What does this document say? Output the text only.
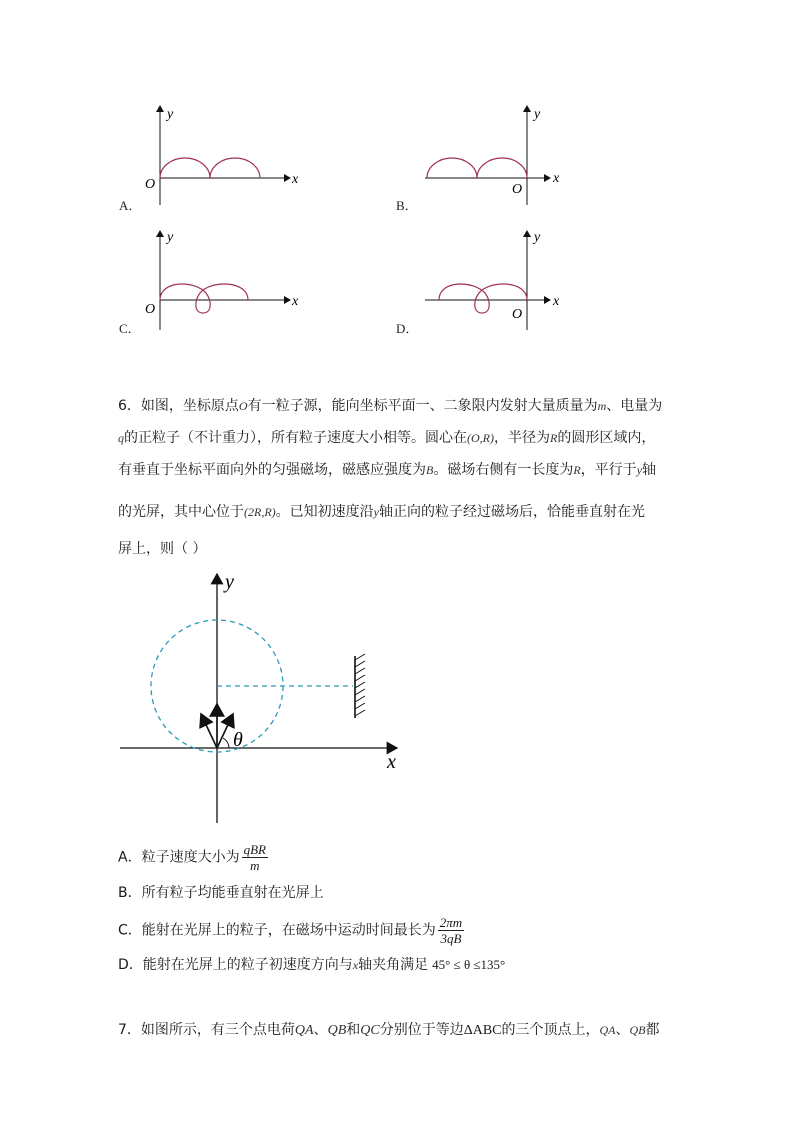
y
O	x
A．
y
O
x
B．
y
O
x
C．
y
O
x
D．
6．如图，坐标原点O有一粒子源，能向坐标平面一、二象限内发射大量质量为m、电量为
q的正粒子（不计重力），所有粒子速度大小相等。圆心在(O,R)，半径为R的圆形区域内，
有垂直于坐标平面向外的匀强磁场，磁感应强度为B。磁场右侧有一长度为R，平行于y轴
的光屏，其中心位于(2R,R)。已知初速度沿y轴正向的粒子经过磁场后，恰能垂直射在光
屏上，则（ ）
θ
y
x
A．粒子速度大小为 $\frac{\text{qBR}}{m}$
B．所有粒子均能垂直射在光屏上
C．能射在光屏上的粒子，在磁场中运动时间最长为 $\frac{2\pi m}{3qB}$
D．能射在光屏上的粒子初速度方向与x轴夹角满足 45° ≤ θ ≤135°
7．如图所示，有三个点电荷QA、QB和QC分别位于等边ΔABC的三个顶点上，QA、QB都
